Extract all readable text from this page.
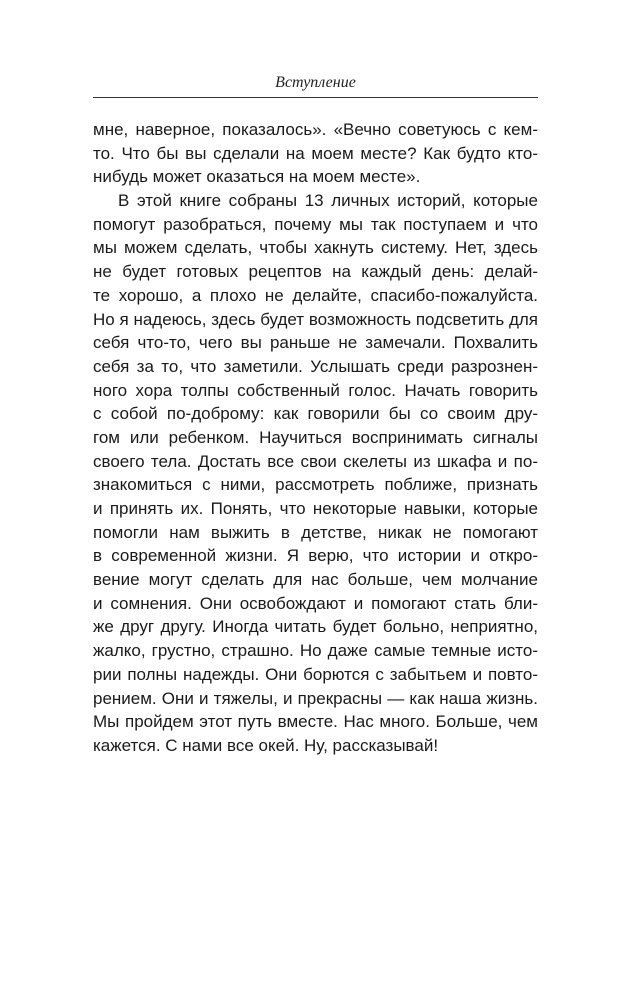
Вступление
мне, наверное, показалось». «Вечно советуюсь с кем-
то. Что бы вы сделали на моем месте? Как будто кто-
нибудь может оказаться на моем месте».
В этой книге собраны 13 личных историй, которые
помогут разобраться, почему мы так поступаем и что
мы можем сделать, чтобы хакнуть систему. Нет, здесь
не будет готовых рецептов на каждый день: делай-
те хорошо, а плохо не делайте, спасибо-пожалуйста.
Но я надеюсь, здесь будет возможность подсветить для
себя что-то, чего вы раньше не замечали. Похвалить
себя за то, что заметили. Услышать среди разрознен-
ного хора толпы собственный голос. Начать говорить
с собой по-доброму: как говорили бы со своим дру-
гом или ребенком. Научиться воспринимать сигналы
своего тела. Достать все свои скелеты из шкафа и по-
знакомиться с ними, рассмотреть поближе, признать
и принять их. Понять, что некоторые навыки, которые
помогли нам выжить в детстве, никак не помогают
в современной жизни. Я верю, что истории и откро-
вение могут сделать для нас больше, чем молчание
и сомнения. Они освобождают и помогают стать бли-
же друг другу. Иногда читать будет больно, неприятно,
жалко, грустно, страшно. Но даже самые темные исто-
рии полны надежды. Они борются с забытьем и повто-
рением. Они и тяжелы, и прекрасны — как наша жизнь.
Мы пройдем этот путь вместе. Нас много. Больше, чем
кажется. С нами все окей. Ну, рассказывай!
